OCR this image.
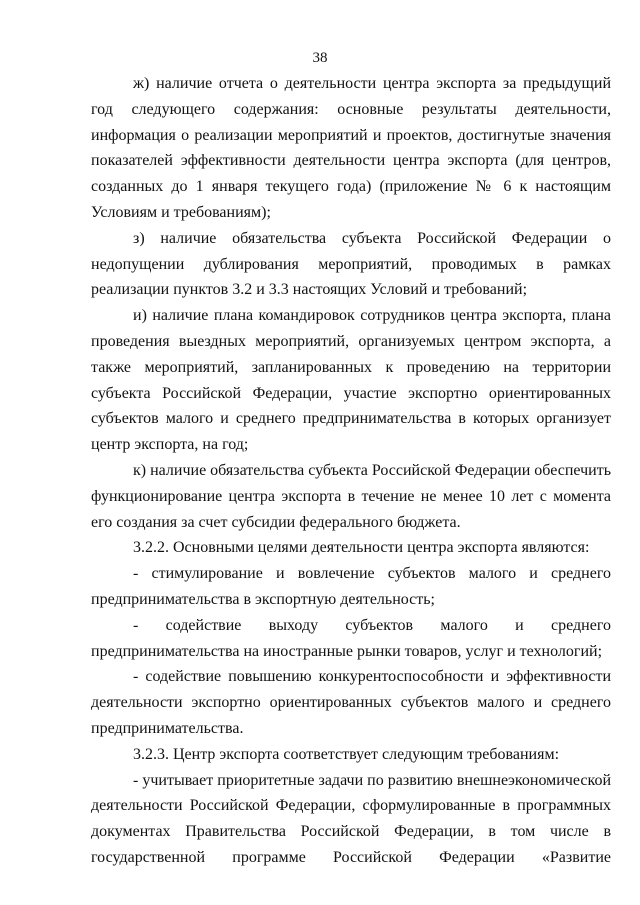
38

ж) наличие отчета о деятельности центра экспорта за предыдущий год следующего содержания: основные результаты деятельности, информация о реализации мероприятий и проектов, достигнутые значения показателей эффективности деятельности центра экспорта (для центров, созданных до 1 января текущего года) (приложение № 6 к настоящим Условиям и требованиям);

з) наличие обязательства субъекта Российской Федерации о недопущении дублирования мероприятий, проводимых в рамках реализации пунктов 3.2 и 3.3 настоящих Условий и требований;

и) наличие плана командировок сотрудников центра экспорта, плана проведения выездных мероприятий, организуемых центром экспорта, а также мероприятий, запланированных к проведению на территории субъекта Российской Федерации, участие экспортно ориентированных субъектов малого и среднего предпринимательства в которых организует центр экспорта, на год;

к) наличие обязательства субъекта Российской Федерации обеспечить функционирование центра экспорта в течение не менее 10 лет с момента его создания за счет субсидии федерального бюджета.

3.2.2. Основными целями деятельности центра экспорта являются:

- стимулирование и вовлечение субъектов малого и среднего предпринимательства в экспортную деятельность;

- содействие выходу субъектов малого и среднего предпринимательства на иностранные рынки товаров, услуг и технологий;

- содействие повышению конкурентоспособности и эффективности деятельности экспортно ориентированных субъектов малого и среднего предпринимательства.

3.2.3. Центр экспорта соответствует следующим требованиям:

- учитывает приоритетные задачи по развитию внешнеэкономической деятельности Российской Федерации, сформулированные в программных документах Правительства Российской Федерации, в том числе в государственной программе Российской Федерации «Развитие
